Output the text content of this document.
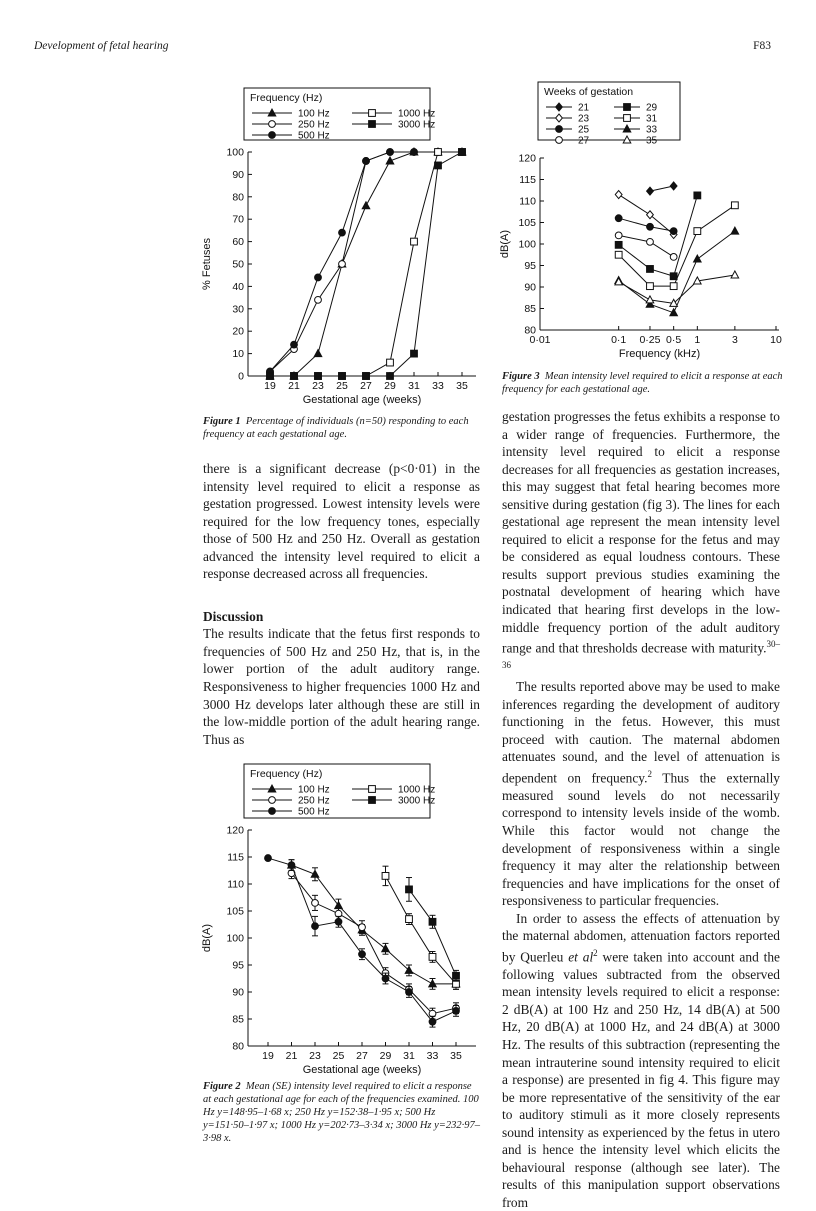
Development of fetal hearing	F83
Frequency (Hz)
100 Hz
250 Hz
500 Hz
1000 Hz
3000 Hz
0
10
20
30
40
50
60
70
80
90
100
19 21 23 25 27 29 31 33 35
Gestational age (weeks)
% Fetuses
Figure 1 Percentage of individuals (n=50) responding to each frequency at each gestational age.

there is a significant decrease (p<0·01) in the intensity level required to elicit a response as gestation progressed. Lowest intensity levels were required for the low frequency tones, especially those of 500 Hz and 250 Hz. Overall as gestation advanced the intensity level required to elicit a response decreased across all frequencies.

Discussion

The results indicate that the fetus first responds to frequencies of 500 Hz and 250 Hz, that is, in the lower portion of the adult auditory range. Responsiveness to higher frequencies 1000 Hz and 3000 Hz develops later although these are still in the low-middle portion of the adult hearing range. Thus as

Frequency (Hz)
100 Hz
250 Hz
500 Hz
1000 Hz
3000 Hz
80
85
90
95
100
105
110
115
120
19 21 23 25 27 29 31 33 35
Gestational age (weeks)
dB(A)
Figure 2 Mean (SE) intensity level required to elicit a response at each gestational age for each of the frequencies examined. 100 Hz y=148·95–1·68 x; 250 Hz y=152·38–1·95 x; 500 Hz y=151·50–1·97 x; 1000 Hz y=202·73–3·34 x; 3000 Hz y=232·97–3·98 x.
Weeks of gestation
21
23
25
27
29
31
33
35
80
85
90
95
100
105
110
115
120
0·01	0·1 0·25 0·5 1	3	10
Frequency (kHz)
dB(A)
Figure 3 Mean intensity level required to elicit a response at each frequency for each gestational age.

gestation progresses the fetus exhibits a response to a wider range of frequencies. Furthermore, the intensity level required to elicit a response decreases for all frequencies as gestation increases, this may suggest that fetal hearing becomes more sensitive during gestation (fig 3). The lines for each gestational age represent the mean intensity level required to elicit a response for the fetus and may be considered as equal loudness contours. These results support previous studies examining the postnatal development of hearing which have indicated that hearing first develops in the low-middle frequency portion of the adult auditory range and that thresholds decrease with maturity.$^{30-36}$

The results reported above may be used to make inferences regarding the development of auditory functioning in the fetus. However, this must proceed with caution. The maternal abdomen attenuates sound, and the level of attenuation is dependent on frequency.$^2$ Thus the externally measured sound levels do not necessarily correspond to intensity levels inside of the womb. While this factor would not change the development of responsiveness within a single frequency it may alter the relationship between frequencies and have implications for the onset of responsiveness to particular frequencies.

In order to assess the effects of attenuation by the maternal abdomen, attenuation factors reported by Querleu et $al^2$ were taken into account and the following values subtracted from the observed mean intensity levels required to elicit a response: 2 dB(A) at 100 Hz and 250 Hz, 14 dB(A) at 500 Hz, 20 dB(A) at 1000 Hz, and 24 dB(A) at 3000 Hz. The results of this subtraction (representing the mean intrauterine sound intensity required to elicit a response) are presented in fig 4. This figure may be more representative of the sensitivity of the ear to auditory stimuli as it more closely represents sound intensity as experienced by the fetus in utero and is hence the intensity level which elicits the behavioural response (although see later). The results of this manipulation support observations from
